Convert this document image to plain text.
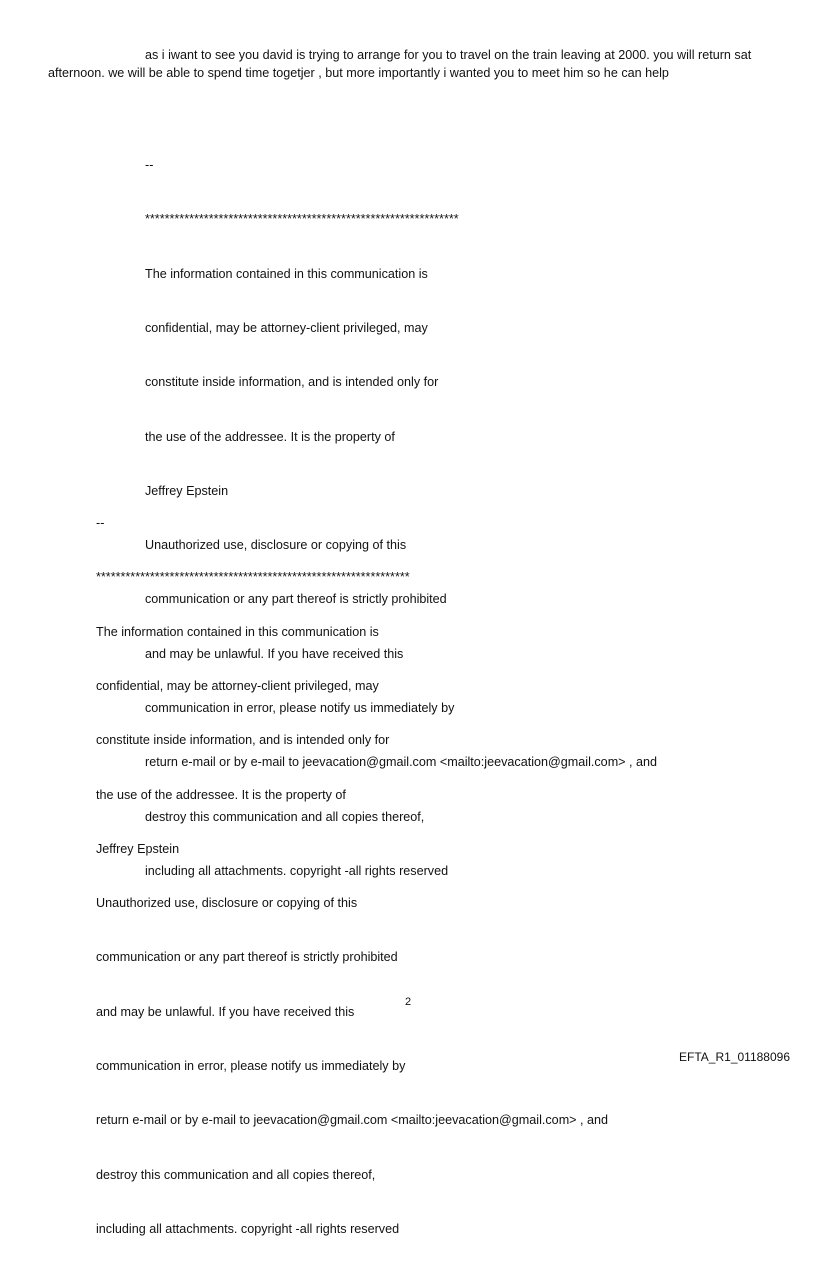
as i iwant to see you david is trying to arrange for you to travel on the train leaving at 2000. you will return sat afternoon. we will be able to spend time togetjer , but more importantly i wanted you to meet him so he can help

--

****************************************************************

The information contained in this communication is

confidential, may be attorney-client privileged, may

constitute inside information, and is intended only for

the use of the addressee. It is the property of

Jeffrey Epstein

Unauthorized use, disclosure or copying of this

communication or any part thereof is strictly prohibited

and may be unlawful. If you have received this

communication in error, please notify us immediately by

return e-mail or by e-mail to jeevacation@gmail.com <mailto:jeevacation@gmail.com> , and

destroy this communication and all copies thereof,

including all attachments. copyright -all rights reserved

--

****************************************************************

The information contained in this communication is

confidential, may be attorney-client privileged, may

constitute inside information, and is intended only for

the use of the addressee. It is the property of

Jeffrey Epstein

Unauthorized use, disclosure or copying of this

communication or any part thereof is strictly prohibited

and may be unlawful. If you have received this

communication in error, please notify us immediately by

return e-mail or by e-mail to jeevacation@gmail.com <mailto:jeevacation@gmail.com> , and

destroy this communication and all copies thereof,

including all attachments. copyright -all rights reserved

2

EFTA_R1_01188096
